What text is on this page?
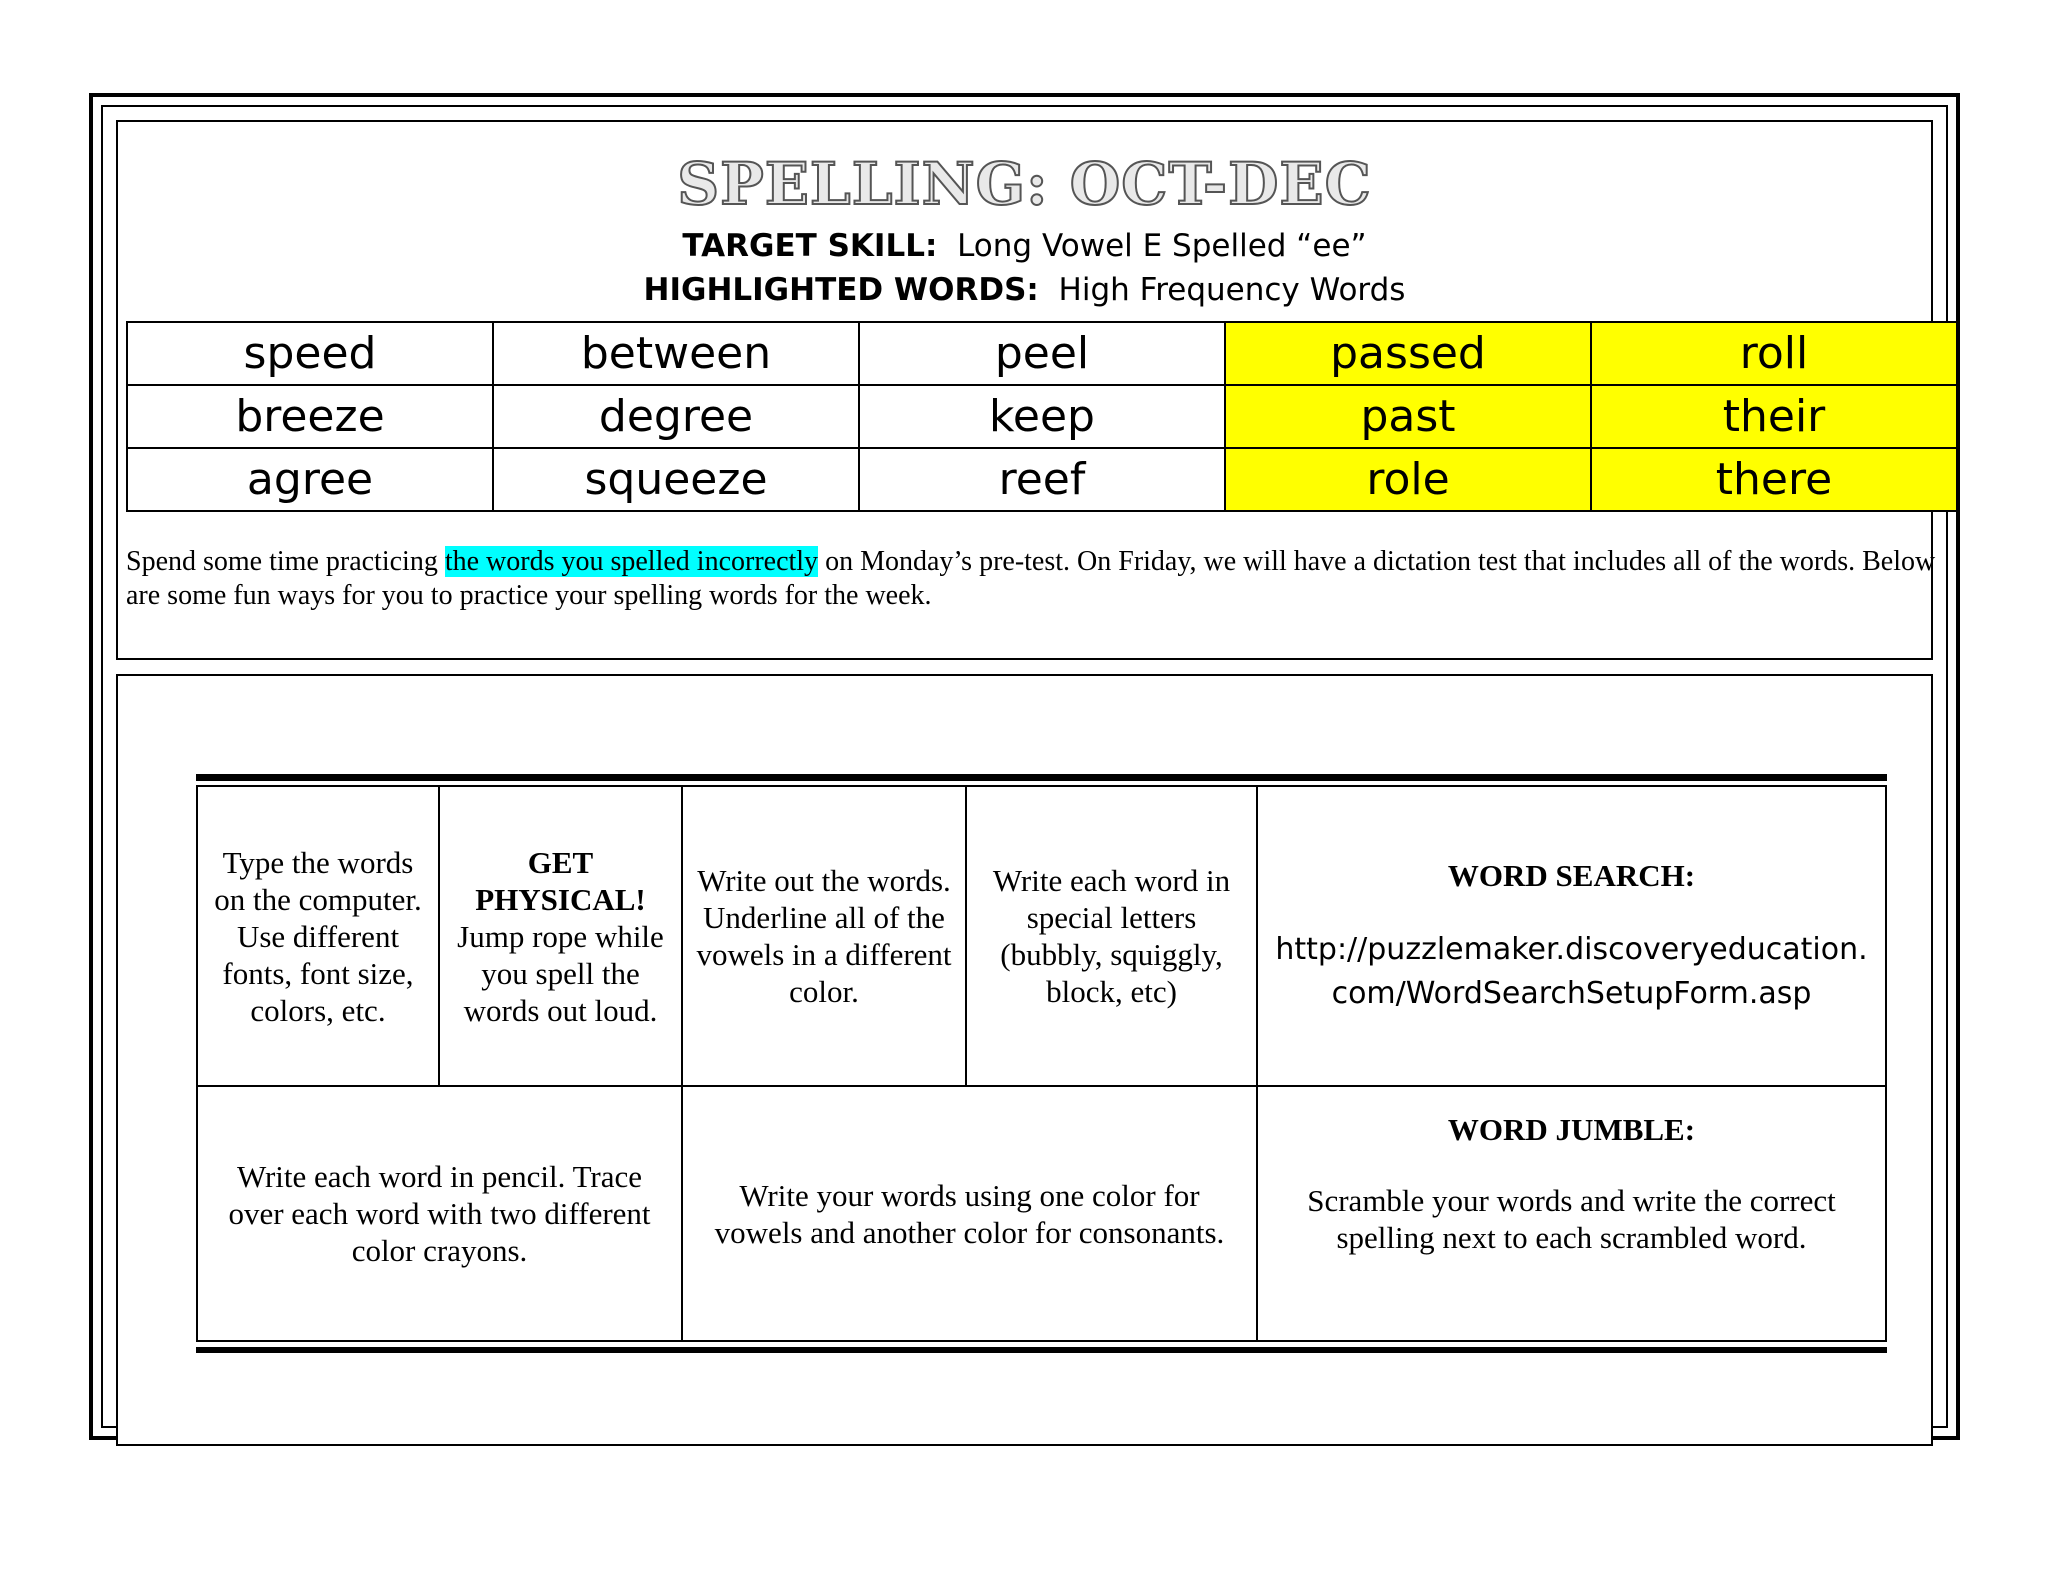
SPELLING: OCT-DEC
TARGET SKILL: Long Vowel E Spelled “ee”
HIGHLIGHTED WORDS: High Frequency Words
speed	between	peel	passed	roll
breeze	degree	keep	past	their
agree	squeeze	reef	role	there
Spend some time practicing the words you spelled incorrectly on Monday’s pre-test. On Friday, we will have a dictation test that includes all of the words. Below are some fun ways for you to practice your spelling words for the week.
Type the words on the computer. Use different fonts, font size, colors, etc.
GET PHYSICAL!
Jump rope while you spell the words out loud.
Write out the words. Underline all of the vowels in a different color.
Write each word in special letters (bubbly, squiggly, block, etc)
WORD SEARCH:
http://puzzlemaker.discoveryeducation.
com/WordSearchSetupForm.asp
Write each word in pencil. Trace over each word with two different color crayons.
Write your words using one color for vowels and another color for consonants.
WORD JUMBLE:
Scramble your words and write the correct spelling next to each scrambled word.
